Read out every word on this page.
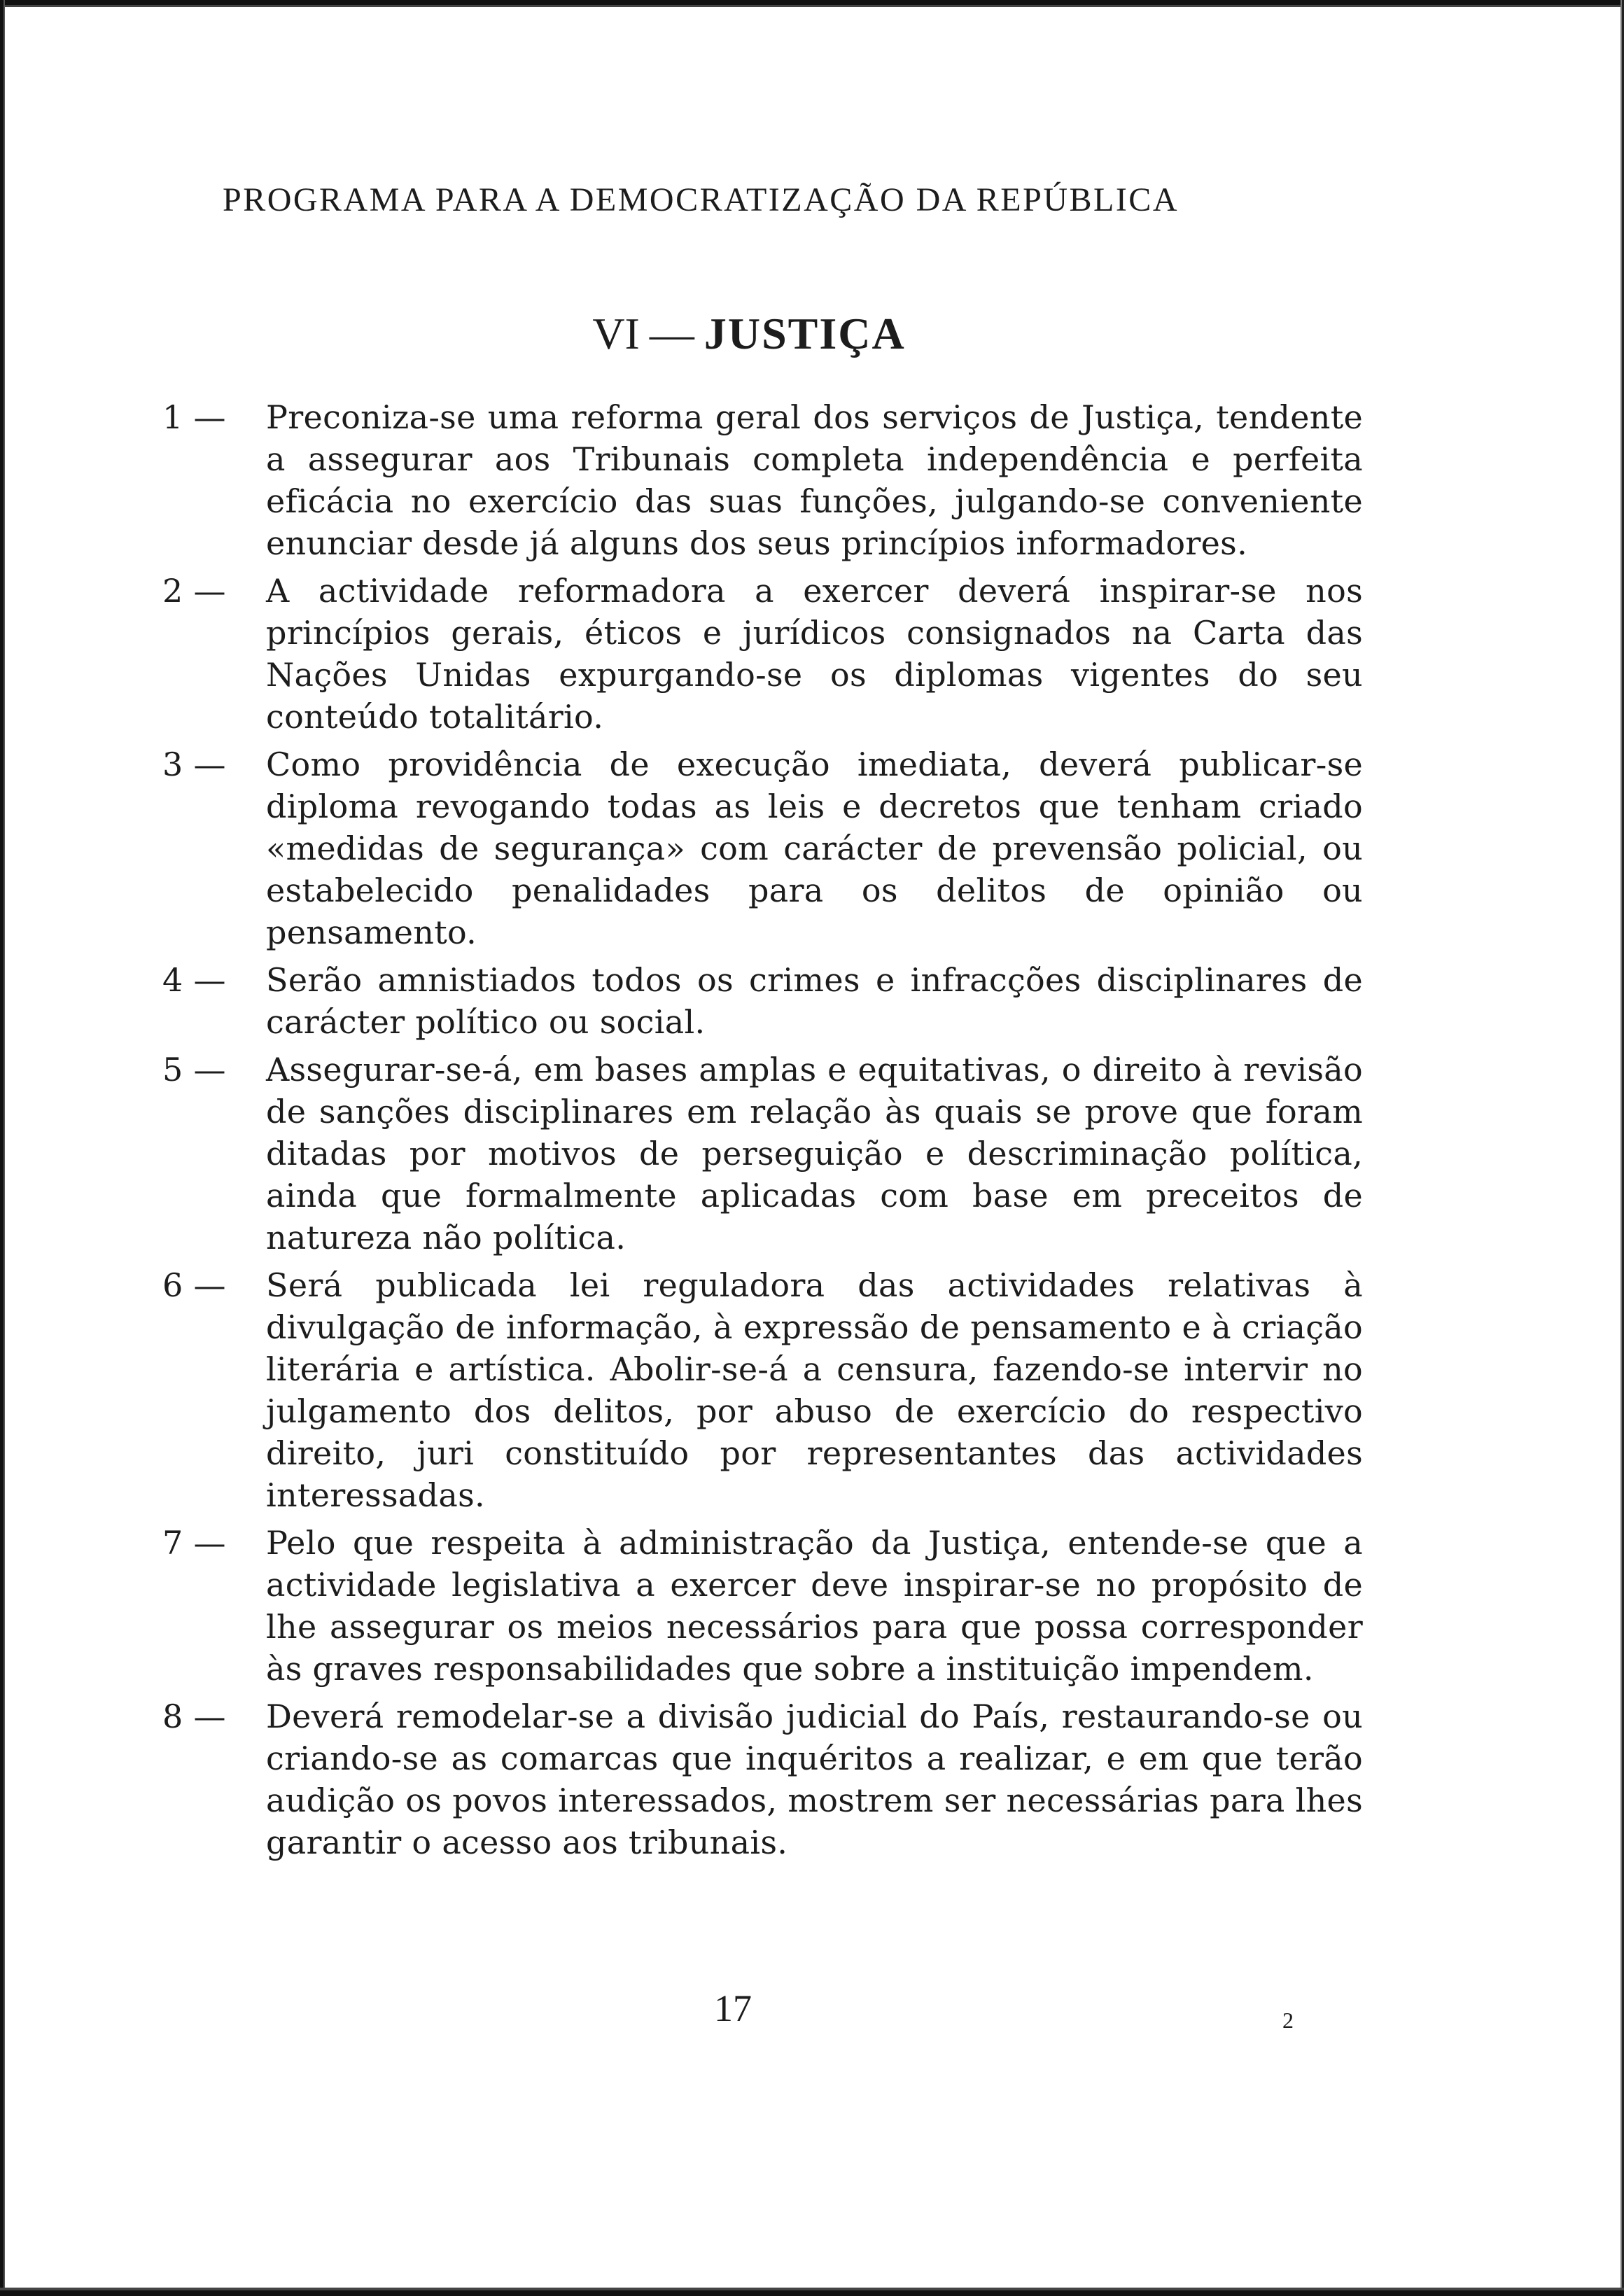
PROGRAMA PARA A DEMOCRATIZAÇÃO DA REPÚBLICA
VI — JUSTIÇA
1 — Preconiza-se uma reforma geral dos serviços de Justiça, tendente a assegurar aos Tribunais completa independência e perfeita eficácia no exercício das suas funções, julgando-se conveniente enunciar desde já alguns dos seus princípios informadores.
2 — A actividade reformadora a exercer deverá inspirar-se nos princípios gerais, éticos e jurídicos consignados na Carta das Nações Unidas expurgando-se os diplomas vigentes do seu conteúdo totalitário.
3 — Como providência de execução imediata, deverá publicar-se diploma revogando todas as leis e decretos que tenham criado «medidas de segurança» com carácter de prevensão policial, ou estabelecido penalidades para os delitos de opinião ou pensamento.
4 — Serão amnistiados todos os crimes e infracções disciplinares de carácter político ou social.
5 — Assegurar-se-á, em bases amplas e equitativas, o direito à revisão de sanções disciplinares em relação às quais se prove que foram ditadas por motivos de perseguição e descriminação política, ainda que formalmente aplicadas com base em preceitos de natureza não política.
6 — Será publicada lei reguladora das actividades relativas à divulgação de informação, à expressão de pensamento e à criação literária e artística. Abolir-se-á a censura, fazendo-se intervir no julgamento dos delitos, por abuso de exercício do respectivo direito, juri constituído por representantes das actividades interessadas.
7 — Pelo que respeita à administração da Justiça, entende-se que a actividade legislativa a exercer deve inspirar-se no propósito de lhe assegurar os meios necessários para que possa corresponder às graves responsabilidades que sobre a instituição impendem.
8 — Deverá remodelar-se a divisão judicial do País, restaurando-se ou criando-se as comarcas que inquéritos a realizar, e em que terão audição os povos interessados, mostrem ser necessárias para lhes garantir o acesso aos tribunais.
17	2
